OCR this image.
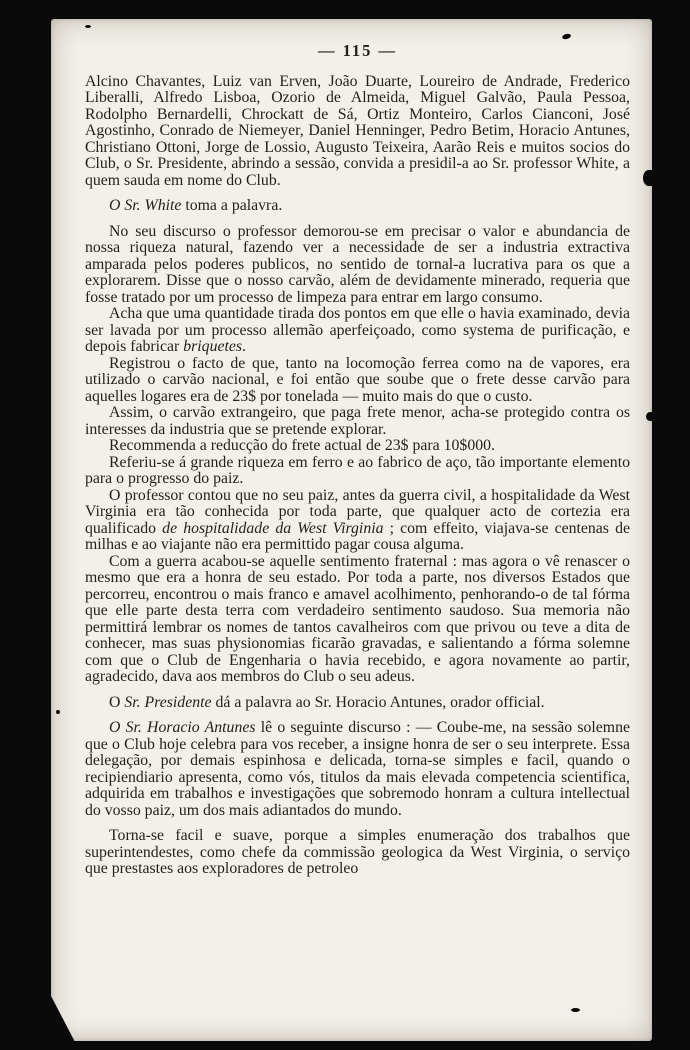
— 115 —

Alcino Chavantes, Luiz van Erven, João Duarte, Loureiro de Andrade, Frederico Liberalli, Alfredo Lisboa, Ozorio de Almeida, Miguel Galvão, Paula Pessoa, Rodolpho Bernardelli, Chrockatt de Sá, Ortiz Monteiro, Carlos Cianconi, José Agostinho, Conrado de Niemeyer, Daniel Henninger, Pedro Betim, Horacio Antunes, Christiano Ottoni, Jorge de Lossio, Augusto Teixeira, Aarão Reis e muitos socios do Club, o Sr. Presidente, abrindo a sessão, convida a presidil-a ao Sr. professor White, a quem sauda em nome do Club.

O Sr. White toma a palavra.

No seu discurso o professor demorou-se em precisar o valor e abundancia de nossa riqueza natural, fazendo ver a necessidade de ser a industria extractiva amparada pelos poderes publicos, no sentido de tornal-a lucrativa para os que a explorarem. Disse que o nosso carvão, além de devidamente minerado, requeria que fosse tratado por um processo de limpeza para entrar em largo consumo.

Acha que uma quantidade tirada dos pontos em que elle o havia examinado, devia ser lavada por um processo allemão aperfeiçoado, como systema de purificação, e depois fabricar briquetes.

Registrou o facto de que, tanto na locomoção ferrea como na de vapores, era utilizado o carvão nacional, e foi então que soube que o frete desse carvão para aquelles logares era de 23$ por tonelada — muito mais do que o custo.

Assim, o carvão extrangeiro, que paga frete menor, acha-se protegido contra os interesses da industria que se pretende explorar.

Recommenda a reducção do frete actual de 23$ para 10$000.

Referiu-se á grande riqueza em ferro e ao fabrico de aço, tão importante elemento para o progresso do paiz.

O professor contou que no seu paiz, antes da guerra civil, a hospitalidade da West Virginia era tão conhecida por toda parte, que qualquer acto de cortezia era qualificado de hospitalidade da West Virginia ; com effeito, viajava-se centenas de milhas e ao viajante não era permittido pagar cousa alguma.

Com a guerra acabou-se aquelle sentimento fraternal : mas agora o vê renascer o mesmo que era a honra de seu estado. Por toda a parte, nos diversos Estados que percorreu, encontrou o mais franco e amavel acolhimento, penhorando-o de tal fórma que elle parte desta terra com verdadeiro sentimento saudoso. Sua memoria não permittirá lembrar os nomes de tantos cavalheiros com que privou ou teve a dita de conhecer, mas suas physionomias ficarão gravadas, e salientando a fórma solemne com que o Club de Engenharia o havia recebido, e agora novamente ao partir, agradecido, dava aos membros do Club o seu adeus.

O Sr. Presidente dá a palavra ao Sr. Horacio Antunes, orador official.

O Sr. Horacio Antunes lê o seguinte discurso : — Coube-me, na sessão solemne que o Club hoje celebra para vos receber, a insigne honra de ser o seu interprete. Essa delegação, por demais espinhosa e delicada, torna-se simples e facil, quando o recipiendiario apresenta, como vós, titulos da mais elevada competencia scientifica, adquirida em trabalhos e investigações que sobremodo honram a cultura intellectual do vosso paiz, um dos mais adiantados do mundo.

Torna-se facil e suave, porque a simples enumeração dos trabalhos que superintendestes, como chefe da commissão geologica da West Virginia, o serviço que prestastes aos exploradores de petroleo
